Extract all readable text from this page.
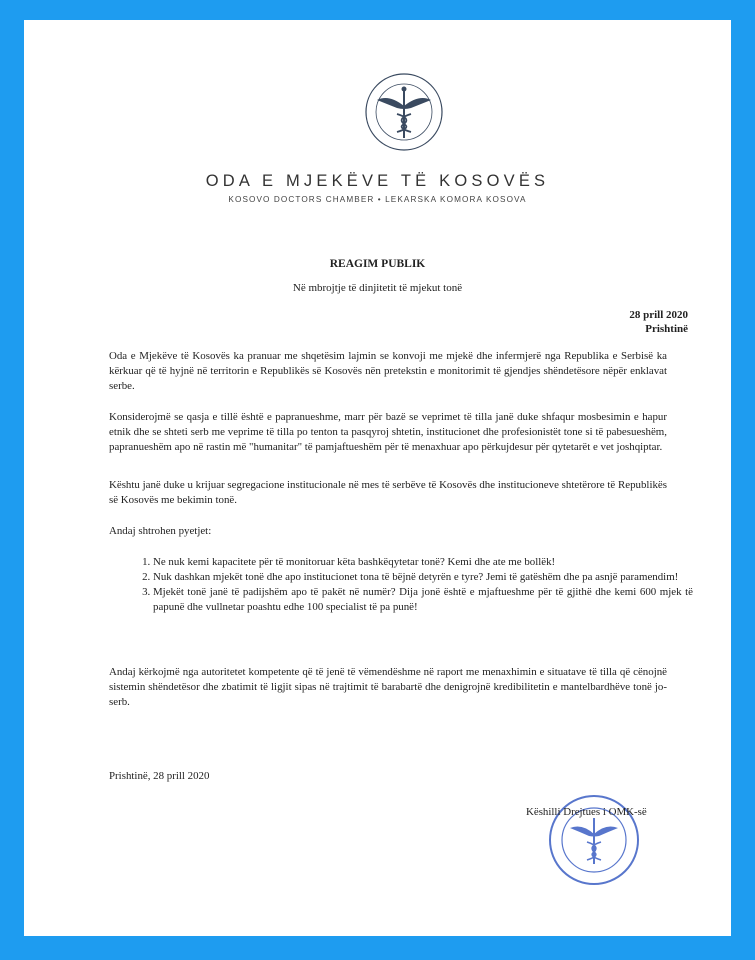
ODA E MJEKËVE TË KOSOVËS
KOSOVO DOCTORS CHAMBER • LEKARSKA KOMORA KOSOVA
REAGIM PUBLIK
Në mbrojtje të dinjitetit të mjekut tonë
28 prill 2020
Prishtinë

Oda e Mjekëve të Kosovës ka pranuar me shqetësim lajmin se konvoji me mjekë dhe infermjerë nga Republika e Serbisë ka kërkuar që të hyjnë në territorin e Republikës së Kosovës nën pretekstin e monitorimit të gjendjes shëndetësore nëpër enklavat serbe.

Konsiderojmë se qasja e tillë është e papranueshme, marr për bazë se veprimet të tilla janë duke shfaqur mosbesimin e hapur etnik dhe se shteti serb me veprime të tilla po tenton ta pasqyroj shtetin, institucionet dhe profesionistët tone si të pabesueshëm, papranueshëm apo në rastin më "humanitar" të pamjaftueshëm për të menaxhuar apo përkujdesur për qytetarët e vet joshqiptar.

Kështu janë duke u krijuar segregacione institucionale në mes të serbëve të Kosovës dhe institucioneve shtetërore të Republikës së Kosovës me bekimin tonë.

Andaj shtrohen pyetjet:

1. Ne nuk kemi kapacitete për të monitoruar këta bashkëqytetar tonë? Kemi dhe ate me bollëk!
2. Nuk dashkan mjekët tonë dhe apo institucionet tona të bëjnë detyrën e tyre? Jemi të gatëshëm dhe pa asnjë paramendim!
3. Mjekët tonë janë të padijshëm apo të pakët në numër? Dija jonë është e mjaftueshme për të gjithë dhe kemi 600 mjek të papunë dhe vullnetar poashtu edhe 100 specialist të pa punë!

Andaj kërkojmë nga autoritetet kompetente që të jenë të vëmendëshme në raport me menaxhimin e situatave të tilla që cënojnë sistemin shëndetësor dhe zbatimit të ligjit sipas në trajtimit të barabartë dhe denigrojnë kredibilitetin e mantelbardhëve tonë jo-serb.

Prishtinë, 28 prill 2020
Këshilli Drejtues i OMK-së
